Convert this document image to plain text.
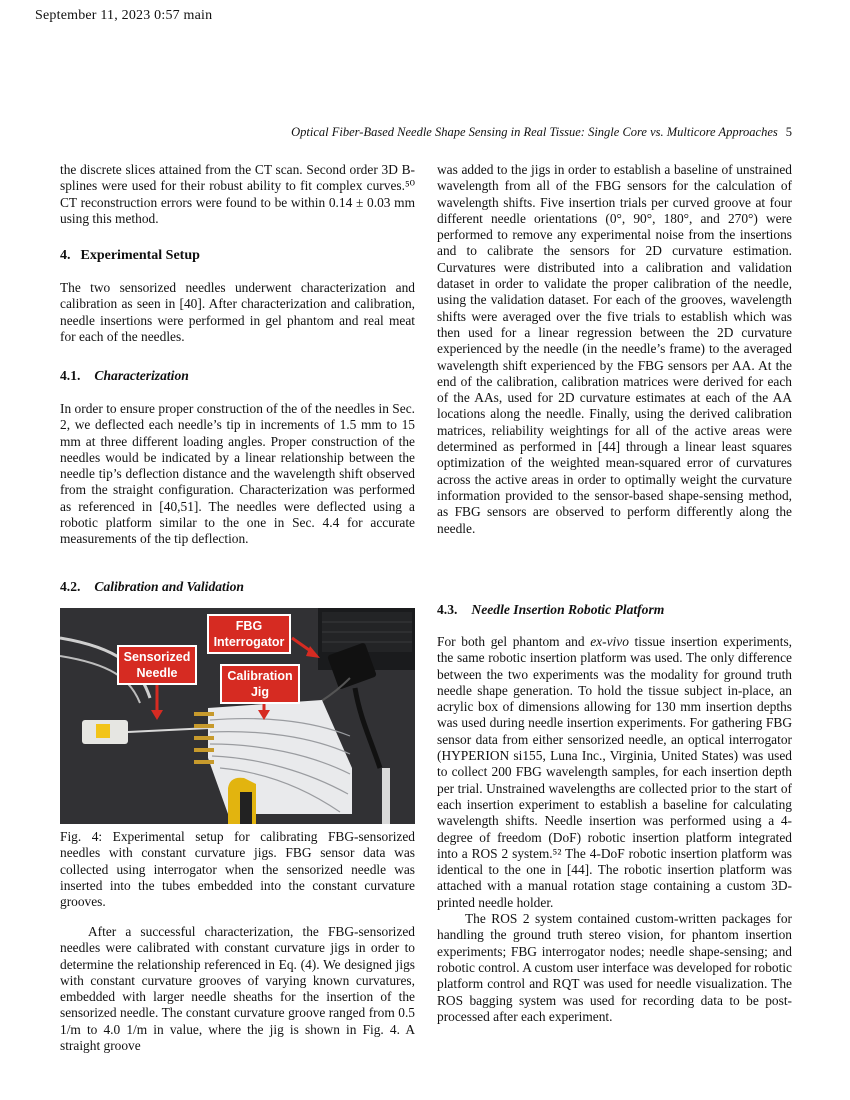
September 11, 2023 0:57 main
Optical Fiber-Based Needle Shape Sensing in Real Tissue: Single Core vs. Multicore Approaches 5

the discrete slices attained from the CT scan. Second order 3D B-splines were used for their robust ability to fit complex curves.⁵⁰ CT reconstruction errors were found to be within 0.14 ± 0.03 mm using this method.

4. Experimental Setup

The two sensorized needles underwent characterization and calibration as seen in [40]. After characterization and calibration, needle insertions were performed in gel phantom and real meat for each of the needles.

4.1. Characterization

In order to ensure proper construction of the of the needles in Sec. 2, we deflected each needle’s tip in increments of 1.5 mm to 15 mm at three different loading angles. Proper construction of the needles would be indicated by a linear relationship between the needle tip’s deflection distance and the wavelength shift observed from the straight configuration. Characterization was performed as referenced in [40,51]. The needles were deflected using a robotic platform similar to the one in Sec. 4.4 for accurate measurements of the tip deflection.

4.2. Calibration and Validation
FBG Interrogator
Sensorized Needle	Calibration Jig
Fig. 4: Experimental setup for calibrating FBG-sensorized needles with constant curvature jigs. FBG sensor data was collected using interrogator when the sensorized needle was inserted into the tubes embedded into the constant curvature grooves.

After a successful characterization, the FBG-sensorized needles were calibrated with constant curvature jigs in order to determine the relationship referenced in Eq. (4). We designed jigs with constant curvature grooves of varying known curvatures, embedded with larger needle sheaths for the insertion of the sensorized needle. The constant curvature groove ranged from 0.5 1/m to 4.0 1/m in value, where the jig is shown in Fig. 4. A straight groove

was added to the jigs in order to establish a baseline of unstrained wavelength from all of the FBG sensors for the calculation of wavelength shifts. Five insertion trials per curved groove at four different needle orientations (0°, 90°, 180°, and 270°) were performed to remove any experimental noise from the insertions and to calibrate the sensors for 2D curvature estimation. Curvatures were distributed into a calibration and validation dataset in order to validate the proper calibration of the needle, using the validation dataset. For each of the grooves, wavelength shifts were averaged over the five trials to establish which was then used for a linear regression between the 2D curvature experienced by the needle (in the needle’s frame) to the averaged wavelength shift experienced by the FBG sensors per AA. At the end of the calibration, calibration matrices were derived for each of the AAs, used for 2D curvature estimates at each of the AA locations along the needle. Finally, using the derived calibration matrices, reliability weightings for all of the active areas were determined as performed in [44] through a linear least squares optimization of the weighted mean-squared error of curvatures across the active areas in order to optimally weight the curvature information provided to the sensor-based shape-sensing method, as FBG sensors are observed to perform differently along the needle.

4.3. Needle Insertion Robotic Platform

For both gel phantom and ex-vivo tissue insertion experiments, the same robotic insertion platform was used. The only difference between the two experiments was the modality for ground truth needle shape generation. To hold the tissue subject in-place, an acrylic box of dimensions allowing for 130 mm insertion depths was used during needle insertion experiments. For gathering FBG sensor data from either sensorized needle, an optical interrogator (HYPERION si155, Luna Inc., Virginia, United States) was used to collect 200 FBG wavelength samples, for each insertion depth per trial. Unstrained wavelengths are collected prior to the start of each insertion experiment to establish a baseline for calculating wavelength shifts. Needle insertion was performed using a 4-degree of freedom (DoF) robotic insertion platform integrated into a ROS 2 system.⁵² The 4-DoF robotic insertion platform was identical to the one in [44]. The robotic insertion platform was attached with a manual rotation stage containing a custom 3D-printed needle holder.

The ROS 2 system contained custom-written packages for handling the ground truth stereo vision, for phantom insertion experiments; FBG interrogator nodes; needle shape-sensing; and robotic control. A custom user interface was developed for robotic platform control and RQT was used for needle visualization. The ROS bagging system was used for recording data to be post-processed after each experiment.
